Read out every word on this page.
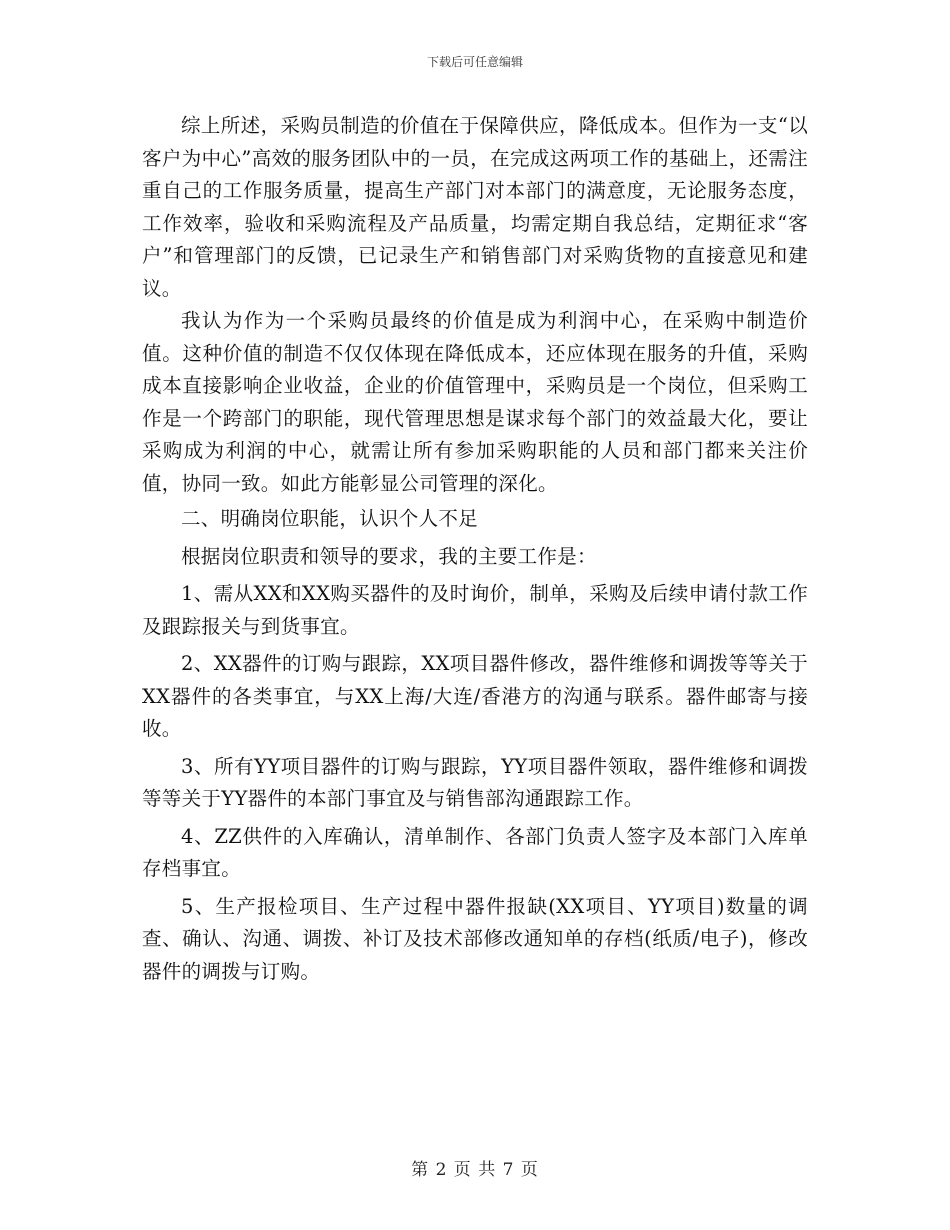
下载后可任意编辑

综上所述，采购员制造的价值在于保障供应，降低成本。但作为一支“以客户为中心”高效的服务团队中的一员，在完成这两项工作的基础上，还需注重自己的工作服务质量，提高生产部门对本部门的满意度，无论服务态度，工作效率，验收和采购流程及产品质量，均需定期自我总结，定期征求“客户”和管理部门的反馈，已记录生产和销售部门对采购货物的直接意见和建议。

我认为作为一个采购员最终的价值是成为利润中心，在采购中制造价值。这种价值的制造不仅仅体现在降低成本，还应体现在服务的升值，采购成本直接影响企业收益，企业的价值管理中，采购员是一个岗位，但采购工作是一个跨部门的职能，现代管理思想是谋求每个部门的效益最大化，要让采购成为利润的中心，就需让所有参加采购职能的人员和部门都来关注价值，协同一致。如此方能彰显公司管理的深化。

二、明确岗位职能，认识个人不足

根据岗位职责和领导的要求，我的主要工作是：

1、需从XX和XX购买器件的及时询价，制单，采购及后续申请付款工作及跟踪报关与到货事宜。

2、XX器件的订购与跟踪，XX项目器件修改，器件维修和调拨等等关于XX器件的各类事宜，与XX上海/大连/香港方的沟通与联系。器件邮寄与接收。

3、所有YY项目器件的订购与跟踪，YY项目器件领取，器件维修和调拨等等关于YY器件的本部门事宜及与销售部沟通跟踪工作。

4、ZZ供件的入库确认，清单制作、各部门负责人签字及本部门入库单存档事宜。

5、生产报检项目、生产过程中器件报缺(XX项目、YY项目)数量的调查、确认、沟通、调拨、补订及技术部修改通知单的存档(纸质/电子)，修改器件的调拨与订购。

第 2 页 共 7 页
